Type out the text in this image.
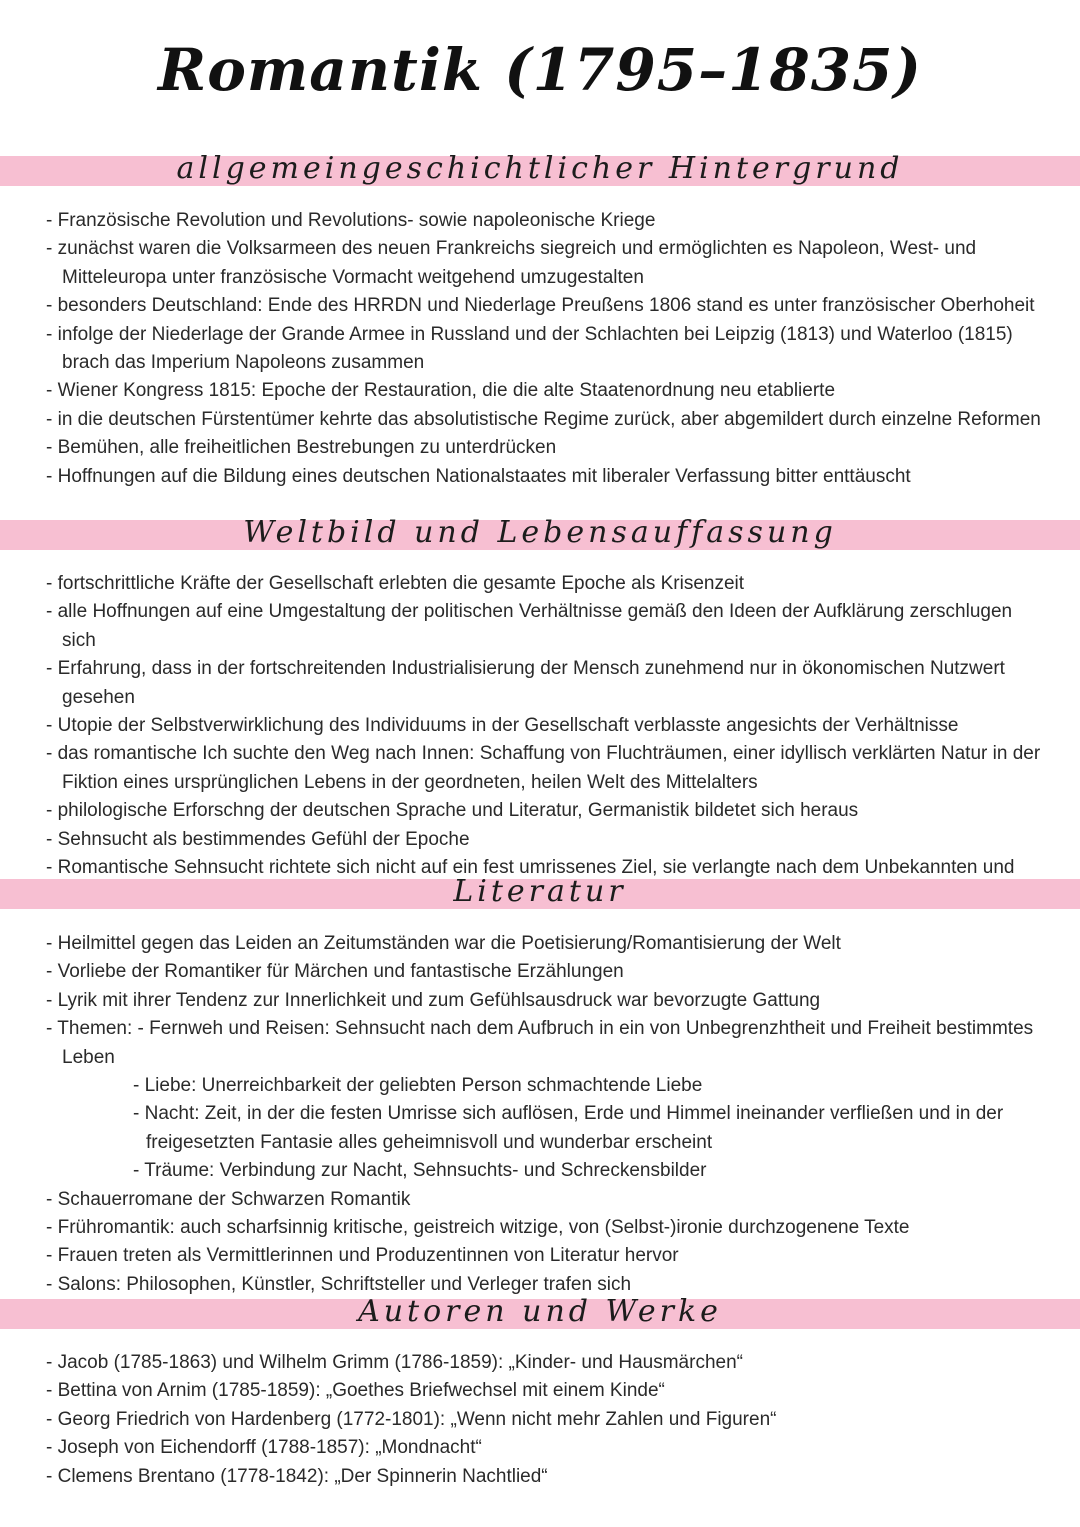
Romantik (1795–1835)
allgemeingeschichtlicher Hintergrund

- Französische Revolution und Revolutions- sowie napoleonische Kriege

- zunächst waren die Volksarmeen des neuen Frankreichs siegreich und ermöglichten es Napoleon, West- und Mitteleuropa unter französische Vormacht weitgehend umzugestalten

- besonders Deutschland: Ende des HRRDN und Niederlage Preußens 1806 stand es unter französischer Oberhoheit

- infolge der Niederlage der Grande Armee in Russland und der Schlachten bei Leipzig (1813) und Waterloo (1815) brach das Imperium Napoleons zusammen

- Wiener Kongress 1815: Epoche der Restauration, die die alte Staatenordnung neu etablierte

- in die deutschen Fürstentümer kehrte das absolutistische Regime zurück, aber abgemildert durch einzelne Reformen

- Bemühen, alle freiheitlichen Bestrebungen zu unterdrücken

- Hoffnungen auf die Bildung eines deutschen Nationalstaates mit liberaler Verfassung bitter enttäuscht

Weltbild und Lebensauffassung

- fortschrittliche Kräfte der Gesellschaft erlebten die gesamte Epoche als Krisenzeit

- alle Hoffnungen auf eine Umgestaltung der politischen Verhältnisse gemäß den Ideen der Aufklärung zerschlugen sich

- Erfahrung, dass in der fortschreitenden Industrialisierung der Mensch zunehmend nur in ökonomischen Nutzwert gesehen

- Utopie der Selbstverwirklichung des Individuums in der Gesellschaft verblasste angesichts der Verhältnisse

- das romantische Ich suchte den Weg nach Innen: Schaffung von Fluchträumen, einer idyllisch verklärten Natur in der Fiktion eines ursprünglichen Lebens in der geordneten, heilen Welt des Mittelalters

- philologische Erforschng der deutschen Sprache und Literatur, Germanistik bildetet sich heraus

- Sehnsucht als bestimmendes Gefühl der Epoche

- Romantische Sehnsucht richtete sich nicht auf ein fest umrissenes Ziel, sie verlangte nach dem Unbekannten und

Literatur

- Heilmittel gegen das Leiden an Zeitumständen war die Poetisierung/Romantisierung der Welt

- Vorliebe der Romantiker für Märchen und fantastische Erzählungen

- Lyrik mit ihrer Tendenz zur Innerlichkeit und zum Gefühlsausdruck war bevorzugte Gattung

- Themen: - Fernweh und Reisen: Sehnsucht nach dem Aufbruch in ein von Unbegrenzhtheit und Freiheit bestimmtes Leben

- Liebe: Unerreichbarkeit der geliebten Person schmachtende Liebe

- Nacht: Zeit, in der die festen Umrisse sich auflösen, Erde und Himmel ineinander verfließen und in der freigesetzten Fantasie alles geheimnisvoll und wunderbar erscheint

- Träume: Verbindung zur Nacht, Sehnsuchts- und Schreckensbilder

- Schauerromane der Schwarzen Romantik

- Frühromantik: auch scharfsinnig kritische, geistreich witzige, von (Selbst-)ironie durchzogenene Texte

- Frauen treten als Vermittlerinnen und Produzentinnen von Literatur hervor

- Salons: Philosophen, Künstler, Schriftsteller und Verleger trafen sich

Autoren und Werke

- Jacob (1785-1863) und Wilhelm Grimm (1786-1859): „Kinder- und Hausmärchen“

- Bettina von Arnim (1785-1859): „Goethes Briefwechsel mit einem Kinde“

- Georg Friedrich von Hardenberg (1772-1801): „Wenn nicht mehr Zahlen und Figuren“

- Joseph von Eichendorff (1788-1857): „Mondnacht“

- Clemens Brentano (1778-1842): „Der Spinnerin Nachtlied“
